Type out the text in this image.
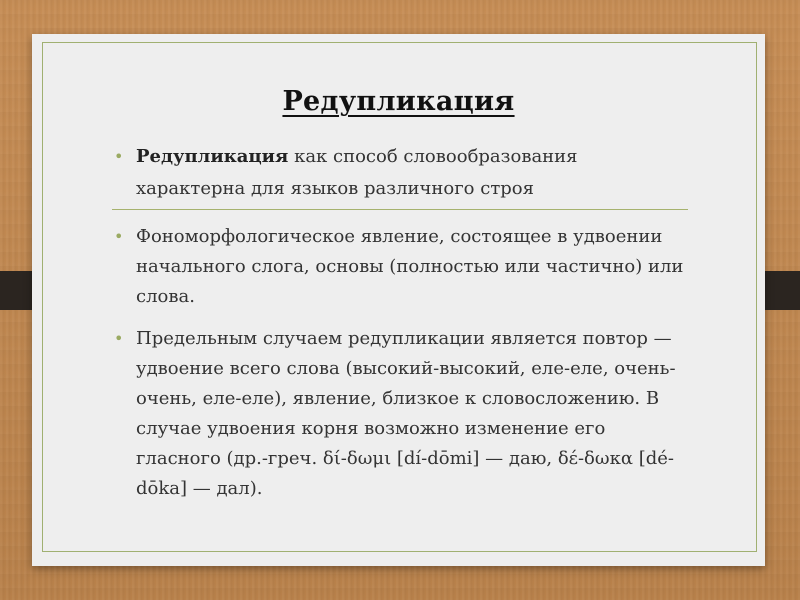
Редупликация
• Редупликация как способ словообразования характерна для языков различного строя
• Фономорфологическое явление, состоящее в удвоении начального слога, основы (полностью или частично) или слова.
• Предельным случаем редупликации является повтор — удвоение всего слова (высокий-высокий, еле-еле, очень-очень, еле-еле), явление, близкое к словосложению. В случае удвоения корня возможно изменение его гласного (др.-греч. δί-δωμι [dí-dōmi] — даю, δέ-δωκα [dé-dōka] — дал).
